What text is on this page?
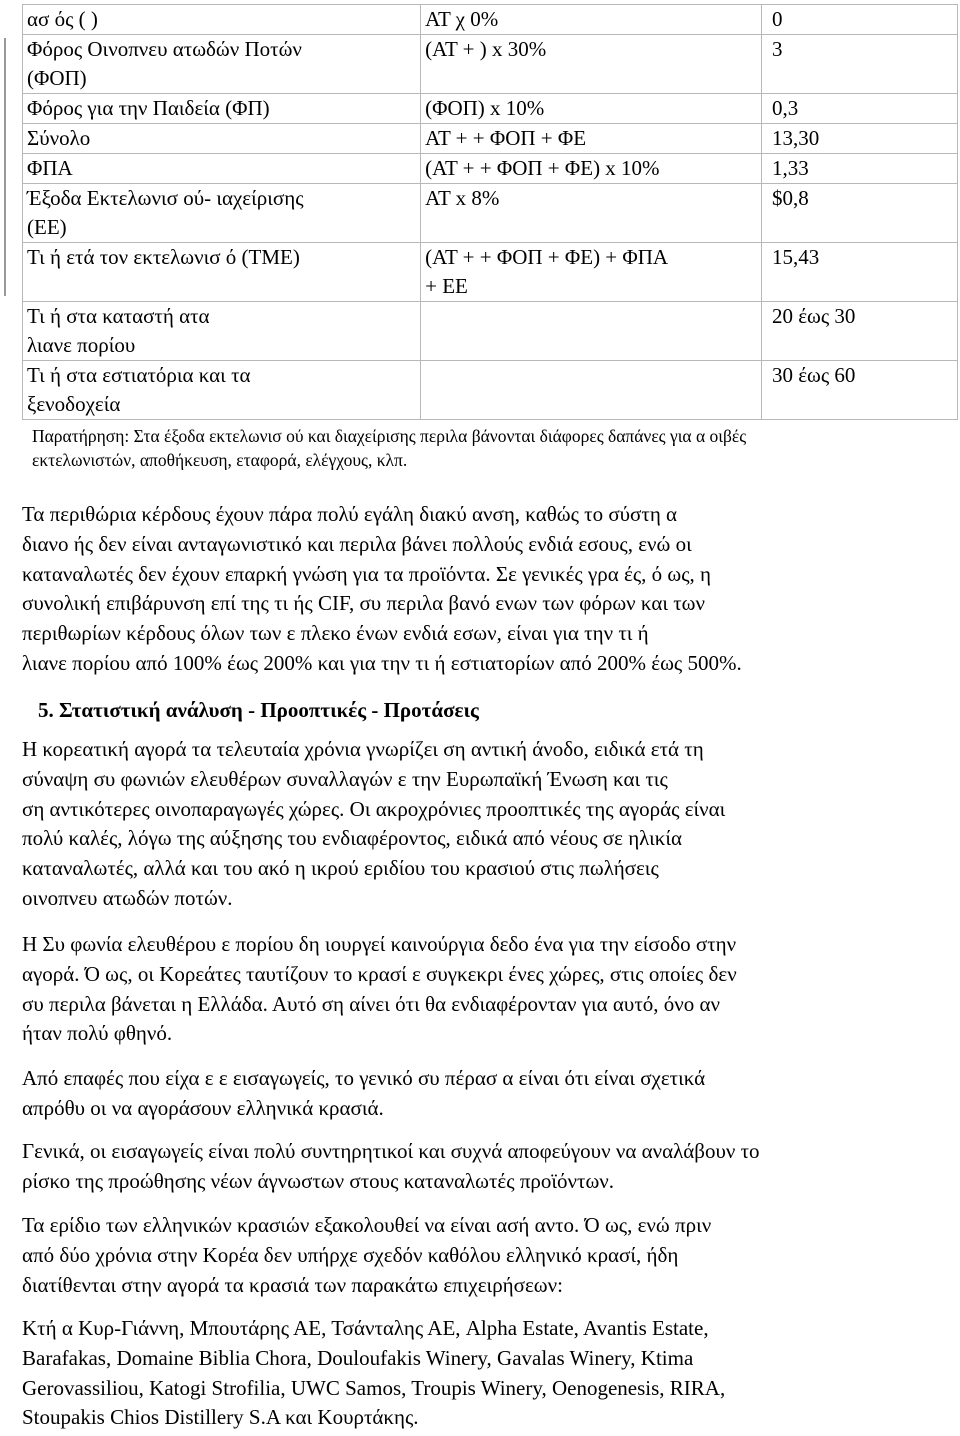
ασ ός ( )	ΑΤ χ 0%	0
Φόρος Οινοπνευ ατωδών Ποτών
(ΦΟΠ)	(ΑΤ + ) x 30%	3
Φόρος για την Παιδεία (ΦΠ)	(ΦΟΠ) x 10%	0,3
Σύνολο	ΑΤ + + ΦΟΠ + ΦΕ	13,30
ΦΠΑ	(ΑΤ + + ΦΟΠ + ΦΕ) x 10%	1,33
Έξοδα Εκτελωνισ ού- ιαχείρισης
(ΕΕ)	ΑΤ x 8%	$0,8
Τι ή ετά τον εκτελωνισ ό (ΤΜΕ)	(ΑΤ + + ΦΟΠ + ΦΕ) + ΦΠΑ
+ ΕΕ	15,43
Τι ή στα καταστή ατα
λιανε πορίου		20 έως 30
Τι ή στα εστιατόρια και τα
ξενοδοχεία		30 έως 60
Παρατήρηση: Στα έξοδα εκτελωνισ ού και διαχείρισης περιλα βάνονται διάφορες δαπάνες για α οιβές
εκτελωνιστών, αποθήκευση, εταφορά, ελέγχους, κλπ.
Τα περιθώρια κέρδους έχουν πάρα πολύ εγάλη διακύ ανση, καθώς το σύστη α
διανο ής δεν είναι ανταγωνιστικό και περιλα βάνει πολλούς ενδιά εσους, ενώ οι
καταναλωτές δεν έχουν επαρκή γνώση για τα προϊόντα. Σε γενικές γρα ές, ό ως, η
συνολική επιβάρυνση επί της τι ής CIF, συ περιλα βανό ενων των φόρων και των
περιθωρίων κέρδους όλων των ε πλεκο ένων ενδιά εσων, είναι για την τι ή
λιανε πορίου από 100% έως 200% και για την τι ή εστιατορίων από 200% έως 500%.
5. Στατιστική ανάλυση - Προοπτικές - Προτάσεις
Η κορεατική αγορά τα τελευταία χρόνια γνωρίζει ση αντική άνοδο, ειδικά ετά τη
σύναψη συ φωνιών ελευθέρων συναλλαγών ε την Ευρωπαϊκή Ένωση και τις
ση αντικότερες οινοπαραγωγές χώρες. Οι ακροχρόνιες προοπτικές της αγοράς είναι
πολύ καλές, λόγω της αύξησης του ενδιαφέροντος, ειδικά από νέους σε ηλικία
καταναλωτές, αλλά και του ακό η ικρού εριδίου του κρασιού στις πωλήσεις
οινοπνευ ατωδών ποτών.
Η Συ φωνία ελευθέρου ε πορίου δη ιουργεί καινούργια δεδο ένα για την είσοδο στην
αγορά. Ό ως, οι Κορεάτες ταυτίζουν το κρασί ε συγκεκρι ένες χώρες, στις οποίες δεν
συ περιλα βάνεται η Ελλάδα. Αυτό ση αίνει ότι θα ενδιαφέρονταν για αυτό, όνο αν
ήταν πολύ φθηνό.
Από επαφές που είχα ε ε εισαγωγείς, το γενικό συ πέρασ α είναι ότι είναι σχετικά
απρόθυ οι να αγοράσουν ελληνικά κρασιά.
Γενικά, οι εισαγωγείς είναι πολύ συντηρητικοί και συχνά αποφεύγουν να αναλάβουν το
ρίσκο της προώθησης νέων άγνωστων στους καταναλωτές προϊόντων.
Τα ερίδιο των ελληνικών κρασιών εξακολουθεί να είναι ασή αντο. Ό ως, ενώ πριν
από δύο χρόνια στην Κορέα δεν υπήρχε σχεδόν καθόλου ελληνικό κρασί, ήδη
διατίθενται στην αγορά τα κρασιά των παρακάτω επιχειρήσεων:
Κτή α Κυρ-Γιάννη, Μπουτάρης ΑΕ, Τσάνταλης ΑΕ, Alpha Estate, Avantis Estate,
Barafakas, Domaine Biblia Chora, Douloufakis Winery, Gavalas Winery, Ktima
Gerovassiliou, Katogi Strofilia, UWC Samos, Troupis Winery, Oenogenesis, RIRA,
Stoupakis Chios Distillery S.A και Κουρτάκης.
